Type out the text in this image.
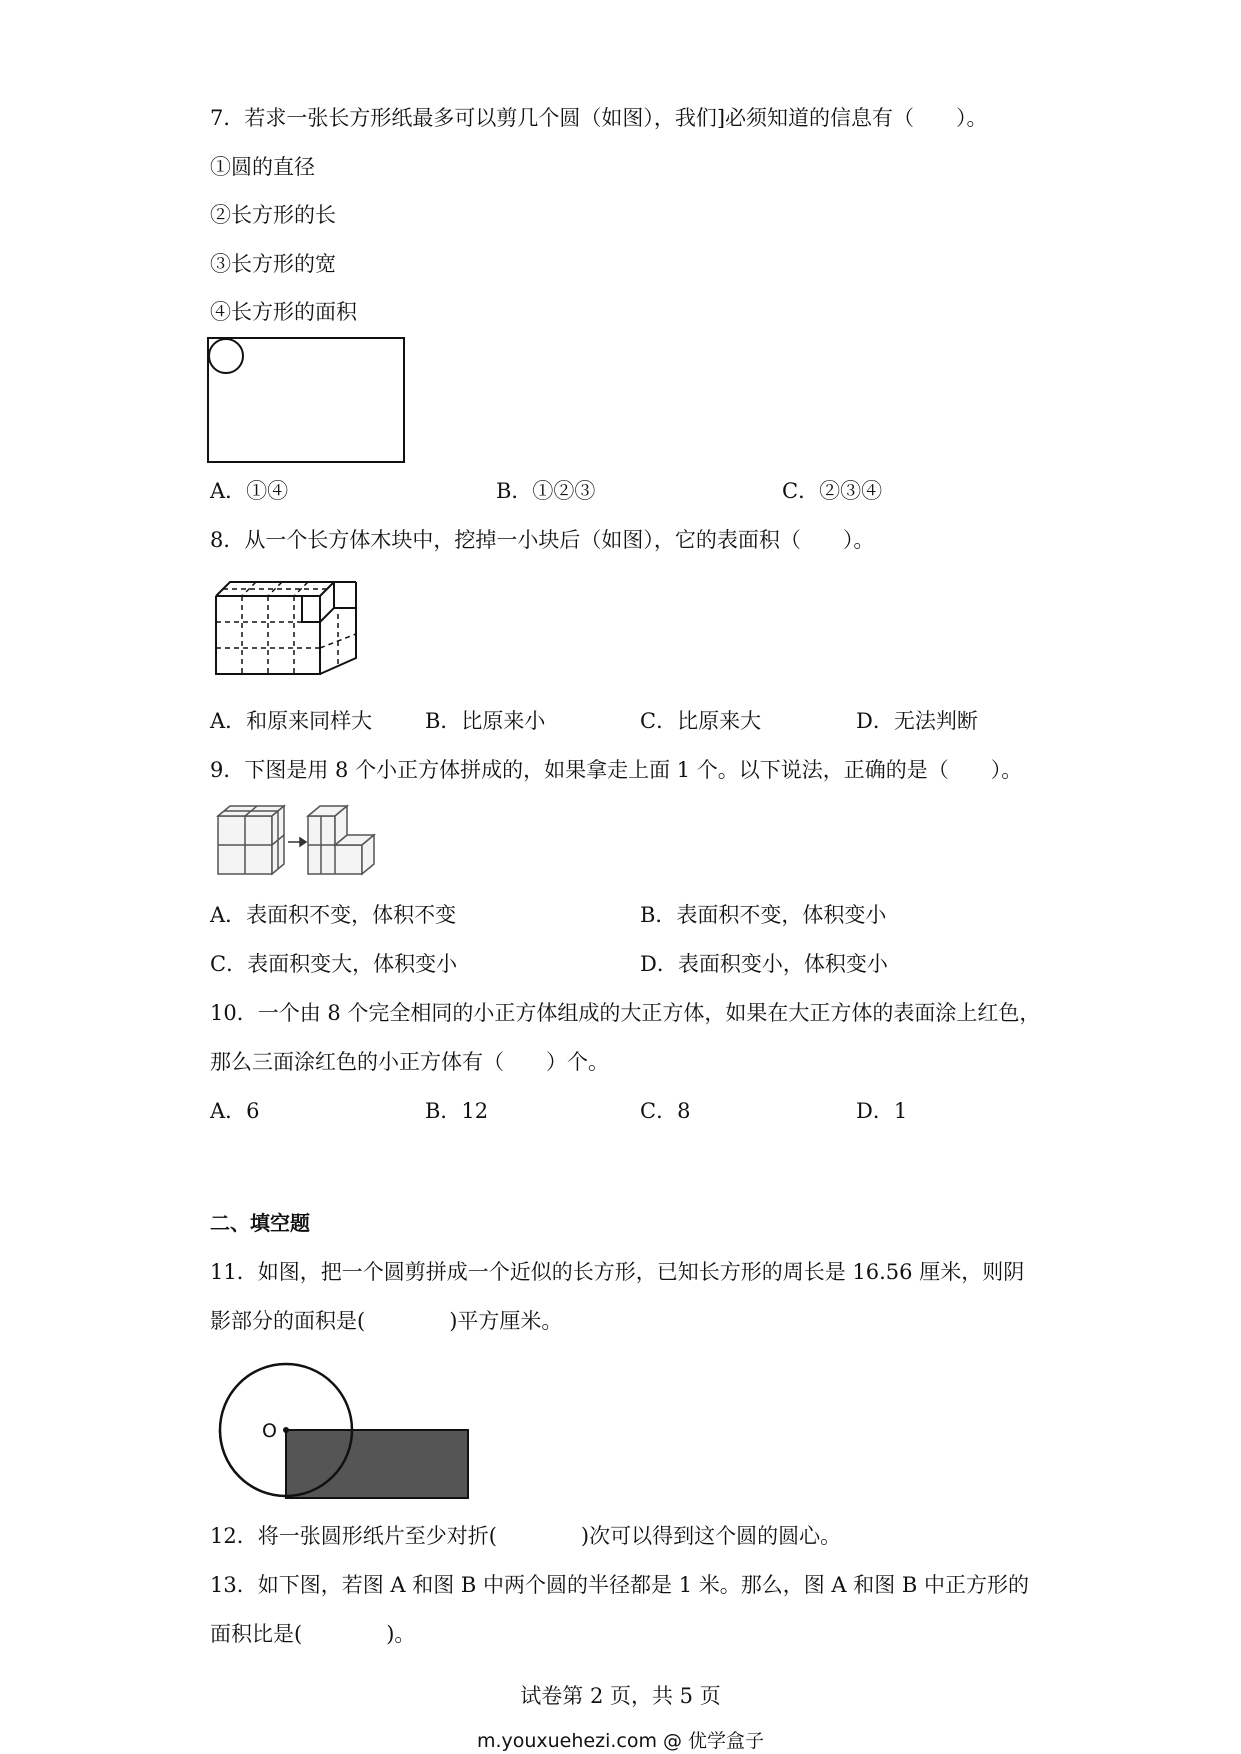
7．若求一张长方形纸最多可以剪几个圆（如图），我们]必须知道的信息有（　　）。
①圆的直径
②长方形的长
③长方形的宽
④长方形的面积
A．①④	B．①②③	C．②③④
8．从一个长方体木块中，挖掉一小块后（如图），它的表面积（　　）。
A．和原来同样大	B．比原来小	C．比原来大	D．无法判断
9．下图是用 8 个小正方体拼成的，如果拿走上面 1 个。以下说法，正确的是（　　）。
A．表面积不变，体积不变	B．表面积不变，体积变小
C．表面积变大，体积变小	D．表面积变小，体积变小
10．一个由 8 个完全相同的小正方体组成的大正方体，如果在大正方体的表面涂上红色，
那么三面涂红色的小正方体有（　　）个。
A．6	B．12	C．8	D．1
二、填空题
11．如图，把一个圆剪拼成一个近似的长方形，已知长方形的周长是 16.56 厘米，则阴
影部分的面积是(　　　　)平方厘米。
O
12．将一张圆形纸片至少对折(　　　　)次可以得到这个圆的圆心。
13．如下图，若图 A 和图 B 中两个圆的半径都是 1 米。那么，图 A 和图 B 中正方形的
面积比是(　　　　)。
试卷第 2 页，共 5 页
m.youxuehezi.com @ 优学盒子
